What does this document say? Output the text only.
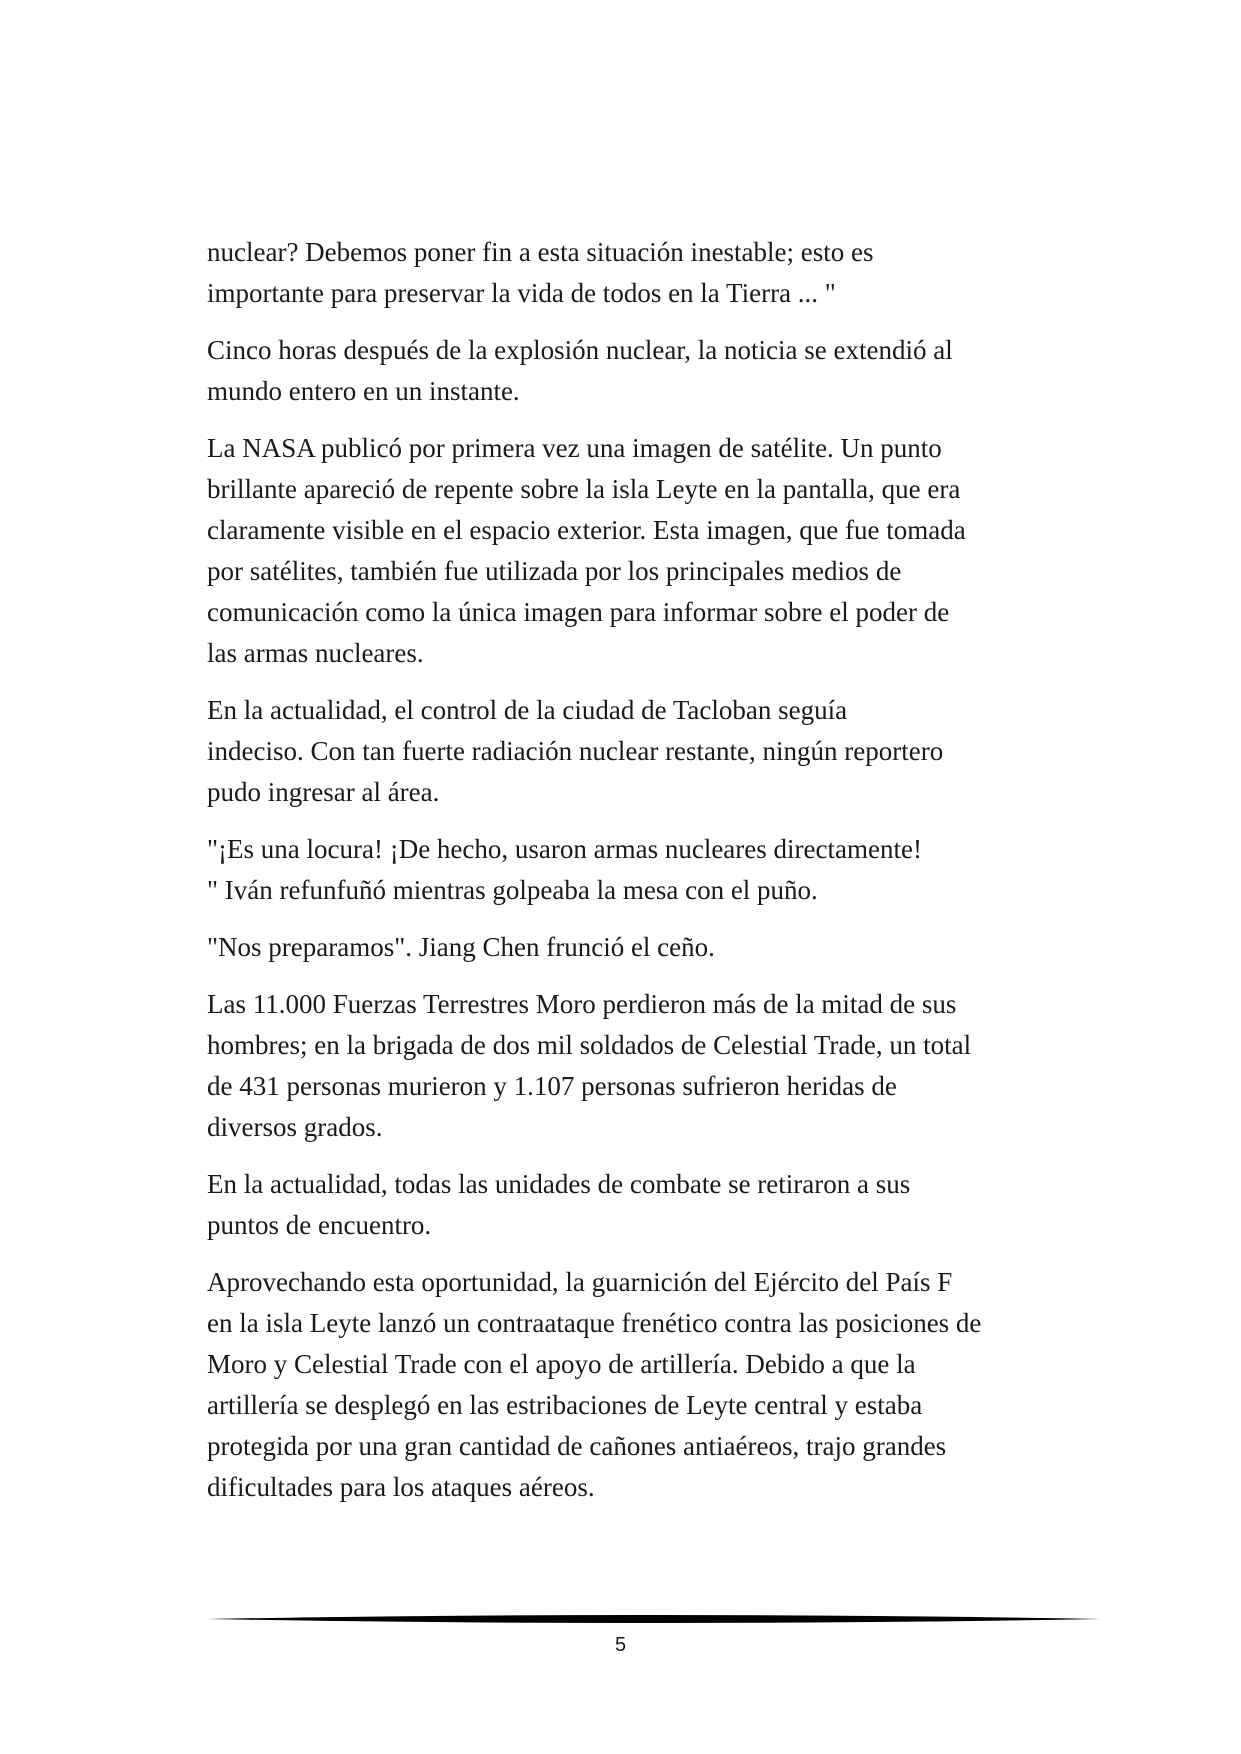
nuclear? Debemos poner fin a esta situación inestable; esto es
importante para preservar la vida de todos en la Tierra ... "

Cinco horas después de la explosión nuclear, la noticia se extendió al
mundo entero en un instante.

La NASA publicó por primera vez una imagen de satélite. Un punto
brillante apareció de repente sobre la isla Leyte en la pantalla, que era
claramente visible en el espacio exterior. Esta imagen, que fue tomada
por satélites, también fue utilizada por los principales medios de
comunicación como la única imagen para informar sobre el poder de
las armas nucleares.

En la actualidad, el control de la ciudad de Tacloban seguía
indeciso. Con tan fuerte radiación nuclear restante, ningún reportero
pudo ingresar al área.

"¡Es una locura! ¡De hecho, usaron armas nucleares directamente!
" Iván refunfuñó mientras golpeaba la mesa con el puño.

"Nos preparamos". Jiang Chen frunció el ceño.

Las 11.000 Fuerzas Terrestres Moro perdieron más de la mitad de sus
hombres; en la brigada de dos mil soldados de Celestial Trade, un total
de 431 personas murieron y 1.107 personas sufrieron heridas de
diversos grados.

En la actualidad, todas las unidades de combate se retiraron a sus
puntos de encuentro.

Aprovechando esta oportunidad, la guarnición del Ejército del País F
en la isla Leyte lanzó un contraataque frenético contra las posiciones de
Moro y Celestial Trade con el apoyo de artillería. Debido a que la
artillería se desplegó en las estribaciones de Leyte central y estaba
protegida por una gran cantidad de cañones antiaéreos, trajo grandes
dificultades para los ataques aéreos.

5
